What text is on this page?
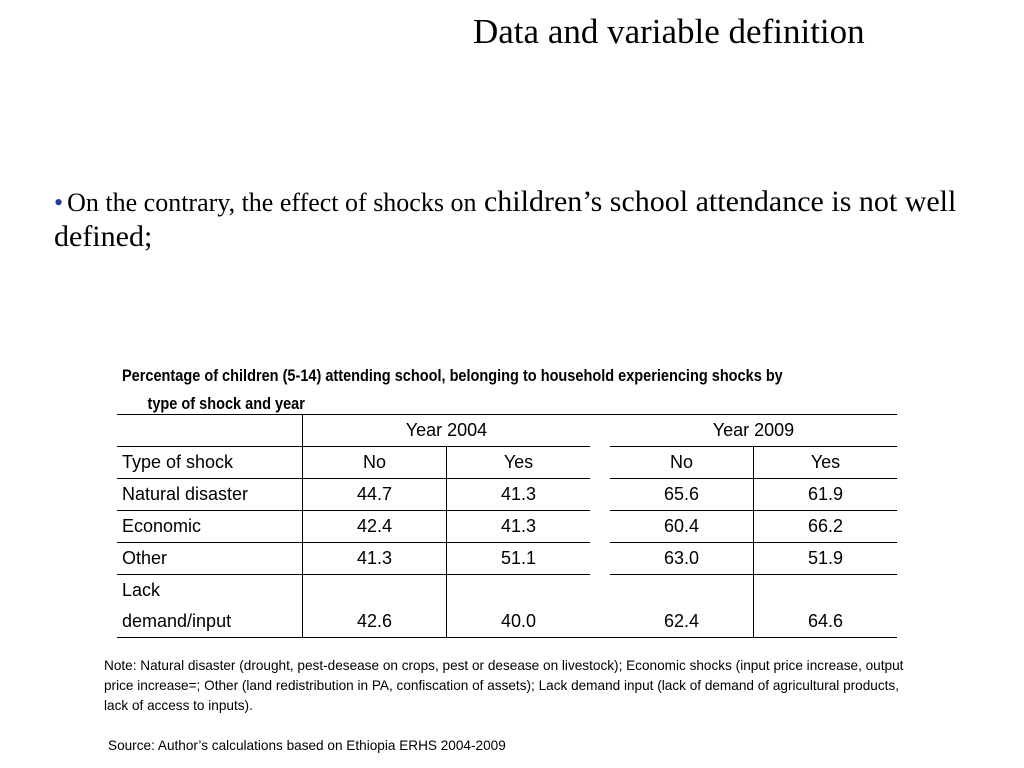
Data and variable definition
• On the contrary, the effect of shocks on children’s school attendance is not well defined;
Percentage of children (5-14) attending school, belonging to household experiencing shocks by
type of shock and year
	Year 2004			Year 2009	
Type of shock	No	Yes		No	Yes
Natural disaster	44.7	41.3		65.6	61.9
Economic	42.4	41.3		60.4	66.2
Other	41.3	51.1		63.0	51.9
Lack
demand/input	42.6	40.0		62.4	64.6
Note: Natural disaster (drought, pest-desease on crops, pest or desease on livestock); Economic shocks (input price increase, output price increase=; Other (land redistribution in PA, confiscation of assets); Lack demand input (lack of demand of agricultural products, lack of access to inputs).
Source: Author’s calculations based on Ethiopia ERHS 2004-2009
